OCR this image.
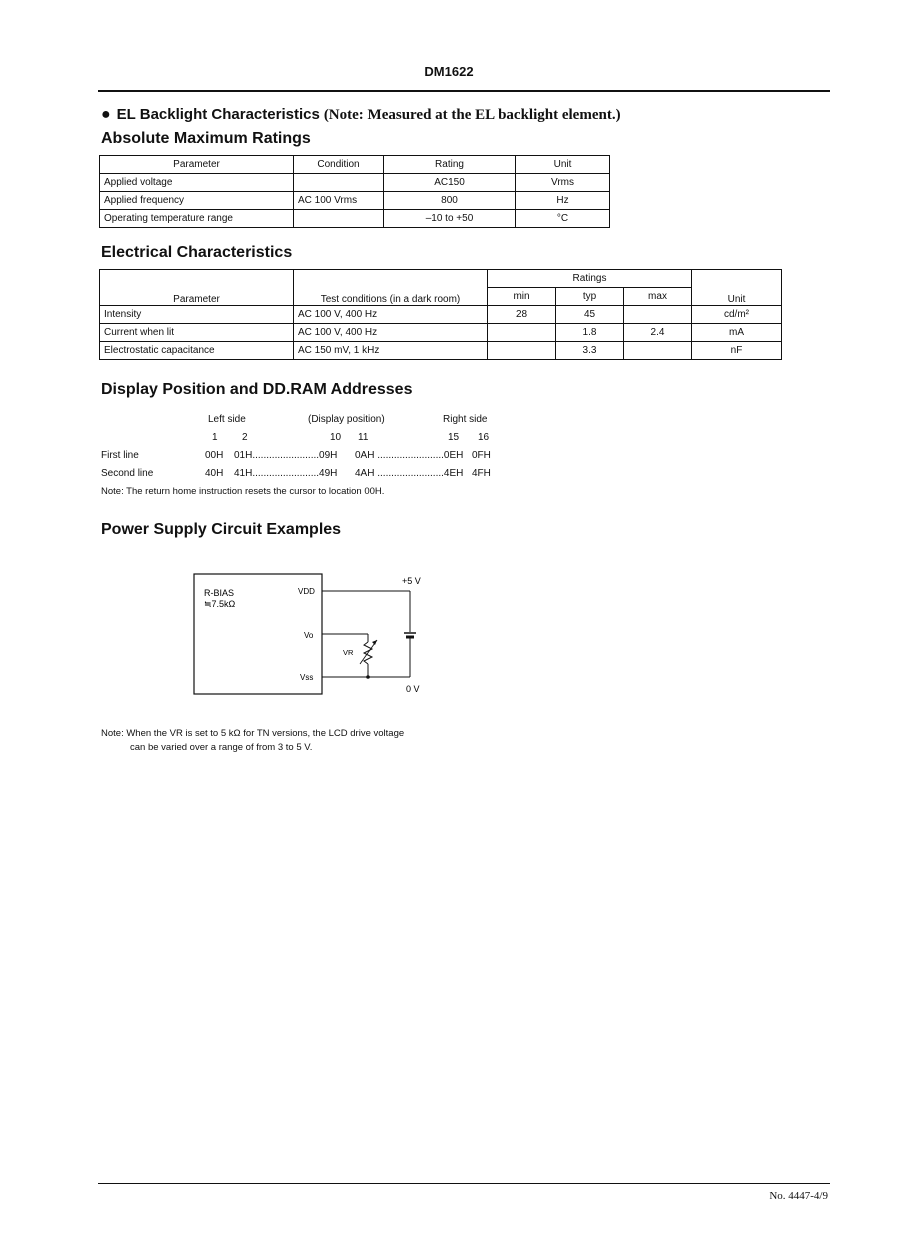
DM1622
● EL Backlight Characteristics (Note: Measured at the EL backlight element.)
Absolute Maximum Ratings
Parameter	Condition	Rating	Unit
Applied voltage		AC150	Vrms
Applied frequency	AC 100 Vrms	800	Hz
Operating temperature range		–10 to +50	°C
Electrical Characteristics
Parameter	Test conditions (in a dark room)	Ratings			Unit
		min	typ	max	
Intensity	AC 100 V, 400 Hz	28	45		cd/m²
Current when lit	AC 100 V, 400 Hz		1.8	2.4	mA
Electrostatic capacitance	AC 150 mV, 1 kHz		3.3		nF
Display Position and DD.RAM Addresses
Left side	(Display position)	Right side
1 2	10 11	15 16
First line	00H 01H........................09H 0AH ........................0EH 0FH
Second line	40H 41H........................49H 4AH ........................4EH 4FH
Note: The return home instruction resets the cursor to location 00H.
Power Supply Circuit Examples
R-BIAS
≒7.5kΩ
VDD
Vo
Vss
+5 V
0 V
VR
Note: When the VR is set to 5 kΩ for TN versions, the LCD drive voltage
can be varied over a range of from 3 to 5 V.
No. 4447-4/9
